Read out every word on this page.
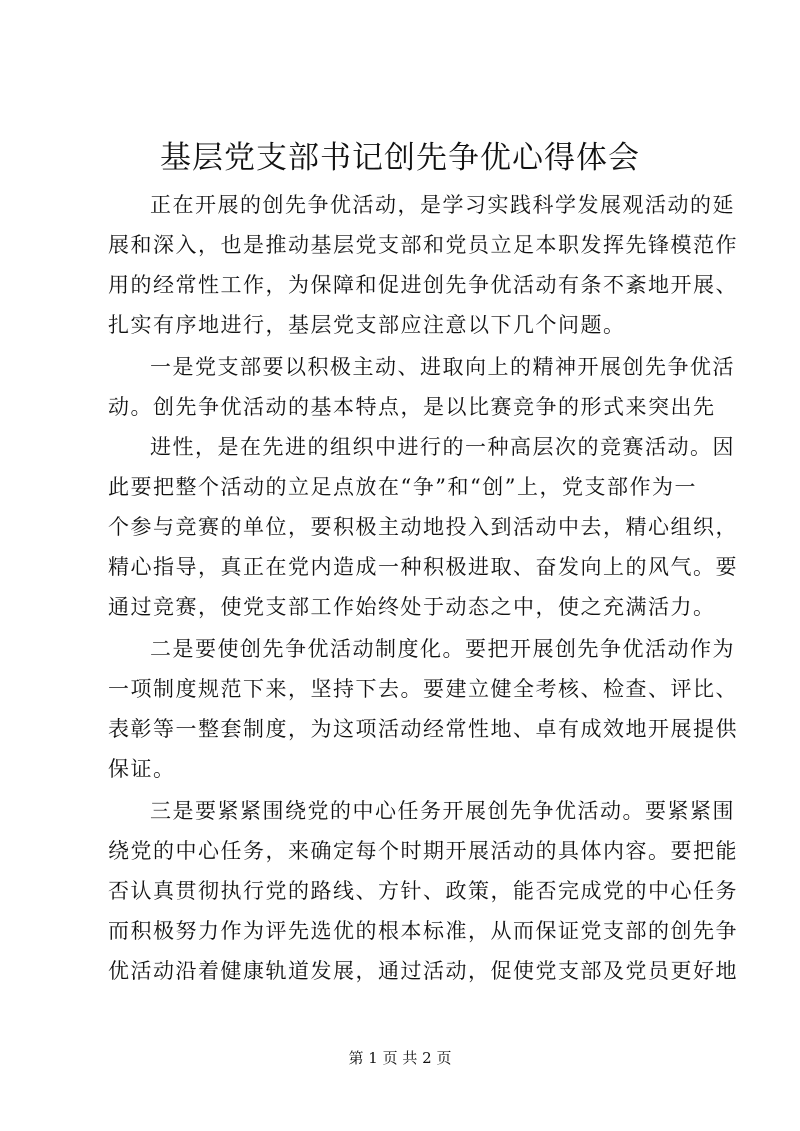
基层党支部书记创先争优心得体会
正在开展的创先争优活动，是学习实践科学发展观活动的延
展和深入，也是推动基层党支部和党员立足本职发挥先锋模范作
用的经常性工作，为保障和促进创先争优活动有条不紊地开展、
扎实有序地进行，基层党支部应注意以下几个问题。
一是党支部要以积极主动、进取向上的精神开展创先争优活
动。创先争优活动的基本特点，是以比赛竞争的形式来突出先
进性，是在先进的组织中进行的一种高层次的竞赛活动。因
此要把整个活动的立足点放在“争”和“创”上，党支部作为一
个参与竞赛的单位，要积极主动地投入到活动中去，精心组织，
精心指导，真正在党内造成一种积极进取、奋发向上的风气。要
通过竞赛，使党支部工作始终处于动态之中，使之充满活力。
二是要使创先争优活动制度化。要把开展创先争优活动作为
一项制度规范下来，坚持下去。要建立健全考核、检查、评比、
表彰等一整套制度，为这项活动经常性地、卓有成效地开展提供
保证。
三是要紧紧围绕党的中心任务开展创先争优活动。要紧紧围
绕党的中心任务，来确定每个时期开展活动的具体内容。要把能
否认真贯彻执行党的路线、方针、政策，能否完成党的中心任务
而积极努力作为评先选优的根本标准，从而保证党支部的创先争
优活动沿着健康轨道发展，通过活动，促使党支部及党员更好地
第 1 页 共 2 页
